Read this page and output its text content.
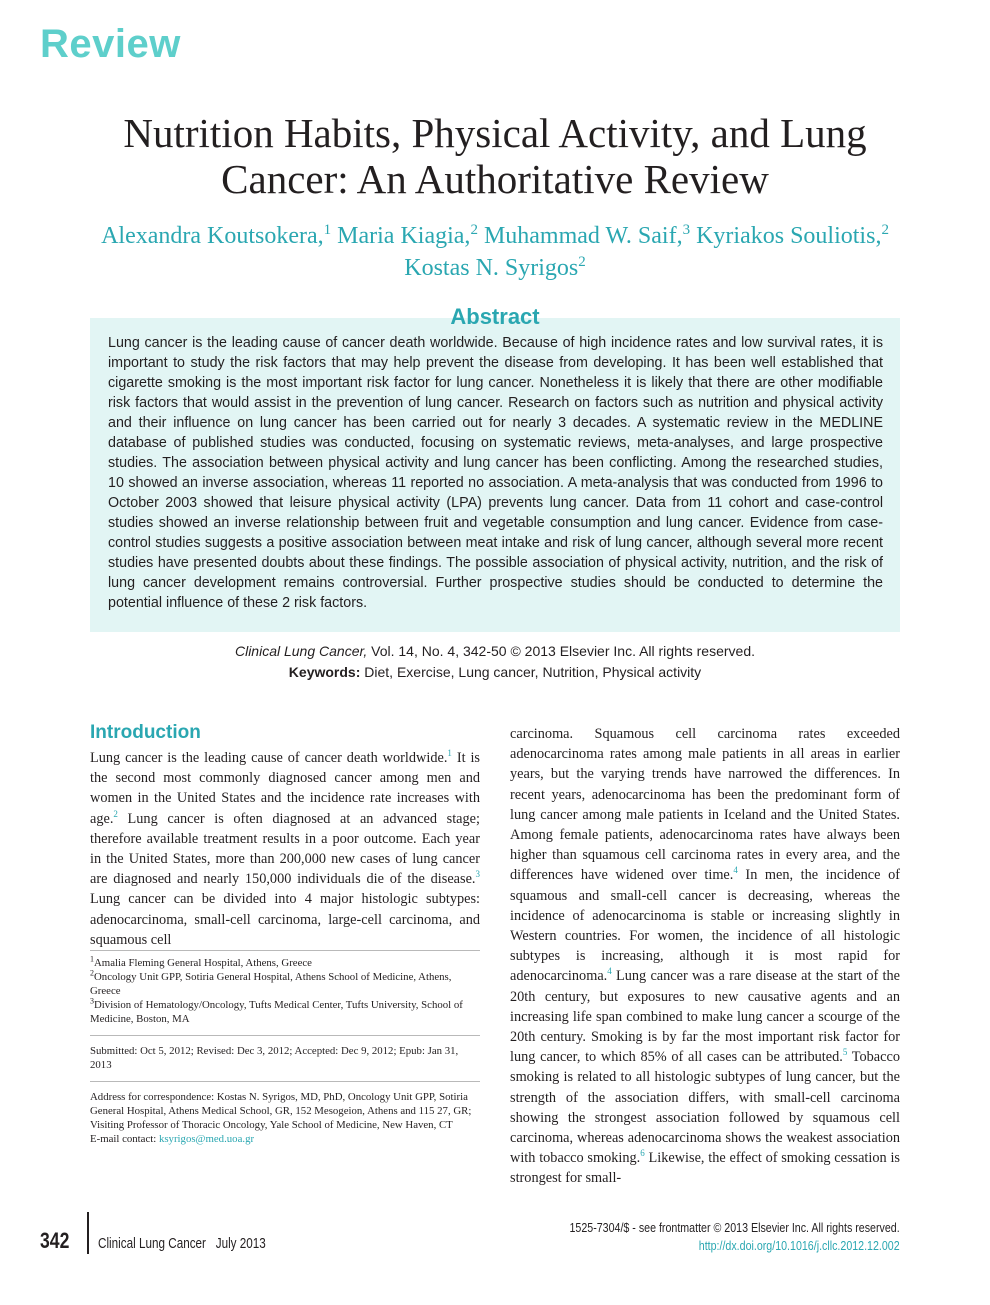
Review
Nutrition Habits, Physical Activity, and Lung Cancer: An Authoritative Review
Alexandra Koutsokera,$^1$ Maria Kiagia,$^2$ Muhammad W. Saif,$^3$ Kyriakos Souliotis,$^2$
Kostas N. Syrigos$^2$
Abstract
Lung cancer is the leading cause of cancer death worldwide. Because of high incidence rates and low survival rates, it is important to study the risk factors that may help prevent the disease from developing. It has been well established that cigarette smoking is the most important risk factor for lung cancer. Nonetheless it is likely that there are other modifiable risk factors that would assist in the prevention of lung cancer. Research on factors such as nutrition and physical activity and their influence on lung cancer has been carried out for nearly 3 decades. A systematic review in the MEDLINE database of published studies was conducted, focusing on systematic reviews, meta-analyses, and large prospective studies. The association between physical activity and lung cancer has been conflicting. Among the researched studies, 10 showed an inverse association, whereas 11 reported no association. A meta-analysis that was conducted from 1996 to October 2003 showed that leisure physical activity (LPA) prevents lung cancer. Data from 11 cohort and case-control studies showed an inverse relationship between fruit and vegetable consumption and lung cancer. Evidence from case-control studies suggests a positive association between meat intake and risk of lung cancer, although several more recent studies have presented doubts about these findings. The possible association of physical activity, nutrition, and the risk of lung cancer development remains controversial. Further prospective studies should be conducted to determine the potential influence of these 2 risk factors.
Clinical Lung Cancer, Vol. 14, No. 4, 342-50 © 2013 Elsevier Inc. All rights reserved.
Keywords: Diet, Exercise, Lung cancer, Nutrition, Physical activity
Introduction

Lung cancer is the leading cause of cancer death worldwide.$^1$ It is the second most commonly diagnosed cancer among men and women in the United States and the incidence rate increases with age.$^2$ Lung cancer is often diagnosed at an advanced stage; therefore available treatment results in a poor outcome. Each year in the United States, more than 200,000 new cases of lung cancer are diagnosed and nearly 150,000 individuals die of the disease.$^3$ Lung cancer can be divided into 4 major histologic subtypes: adenocarcinoma, small-cell carcinoma, large-cell carcinoma, and squamous cell

carcinoma. Squamous cell carcinoma rates exceeded adenocarcinoma rates among male patients in all areas in earlier years, but the varying trends have narrowed the differences. In recent years, adenocarcinoma has been the predominant form of lung cancer among male patients in Iceland and the United States. Among female patients, adenocarcinoma rates have always been higher than squamous cell carcinoma rates in every area, and the differences have widened over time.$^4$ In men, the incidence of squamous and small-cell cancer is decreasing, whereas the incidence of adenocarcinoma is stable or increasing slightly in Western countries. For women, the incidence of all histologic subtypes is increasing, although it is most rapid for adenocarcinoma.$^4$ Lung cancer was a rare disease at the start of the 20th century, but exposures to new causative agents and an increasing life span combined to make lung cancer a scourge of the 20th century. Smoking is by far the most important risk factor for lung cancer, to which 85% of all cases can be attributed.$^5$ Tobacco smoking is related to all histologic subtypes of lung cancer, but the strength of the association differs, with small-cell carcinoma showing the strongest association followed by squamous cell carcinoma, whereas adenocarcinoma shows the weakest association with tobacco smoking.$^6$ Likewise, the effect of smoking cessation is strongest for small-

$^1$Amalia Fleming General Hospital, Athens, Greece

$^2$Oncology Unit GPP, Sotiria General Hospital, Athens School of Medicine, Athens, Greece

$^3$Division of Hematology/Oncology, Tufts Medical Center, Tufts University, School of Medicine, Boston, MA

Submitted: Oct 5, 2012; Revised: Dec 3, 2012; Accepted: Dec 9, 2012; Epub: Jan 31, 2013

Address for correspondence: Kostas N. Syrigos, MD, PhD, Oncology Unit GPP, Sotiria General Hospital, Athens Medical School, GR, 152 Mesogeion, Athens and 115 27, GR; Visiting Professor of Thoracic Oncology, Yale School of Medicine, New Haven, CT

E-mail contact: ksyrigos@med.uoa.gr

342 Clinical Lung Cancer July 2013
1525-7304/$ - see frontmatter © 2013 Elsevier Inc. All rights reserved.
http://dx.doi.org/10.1016/j.cllc.2012.12.002
